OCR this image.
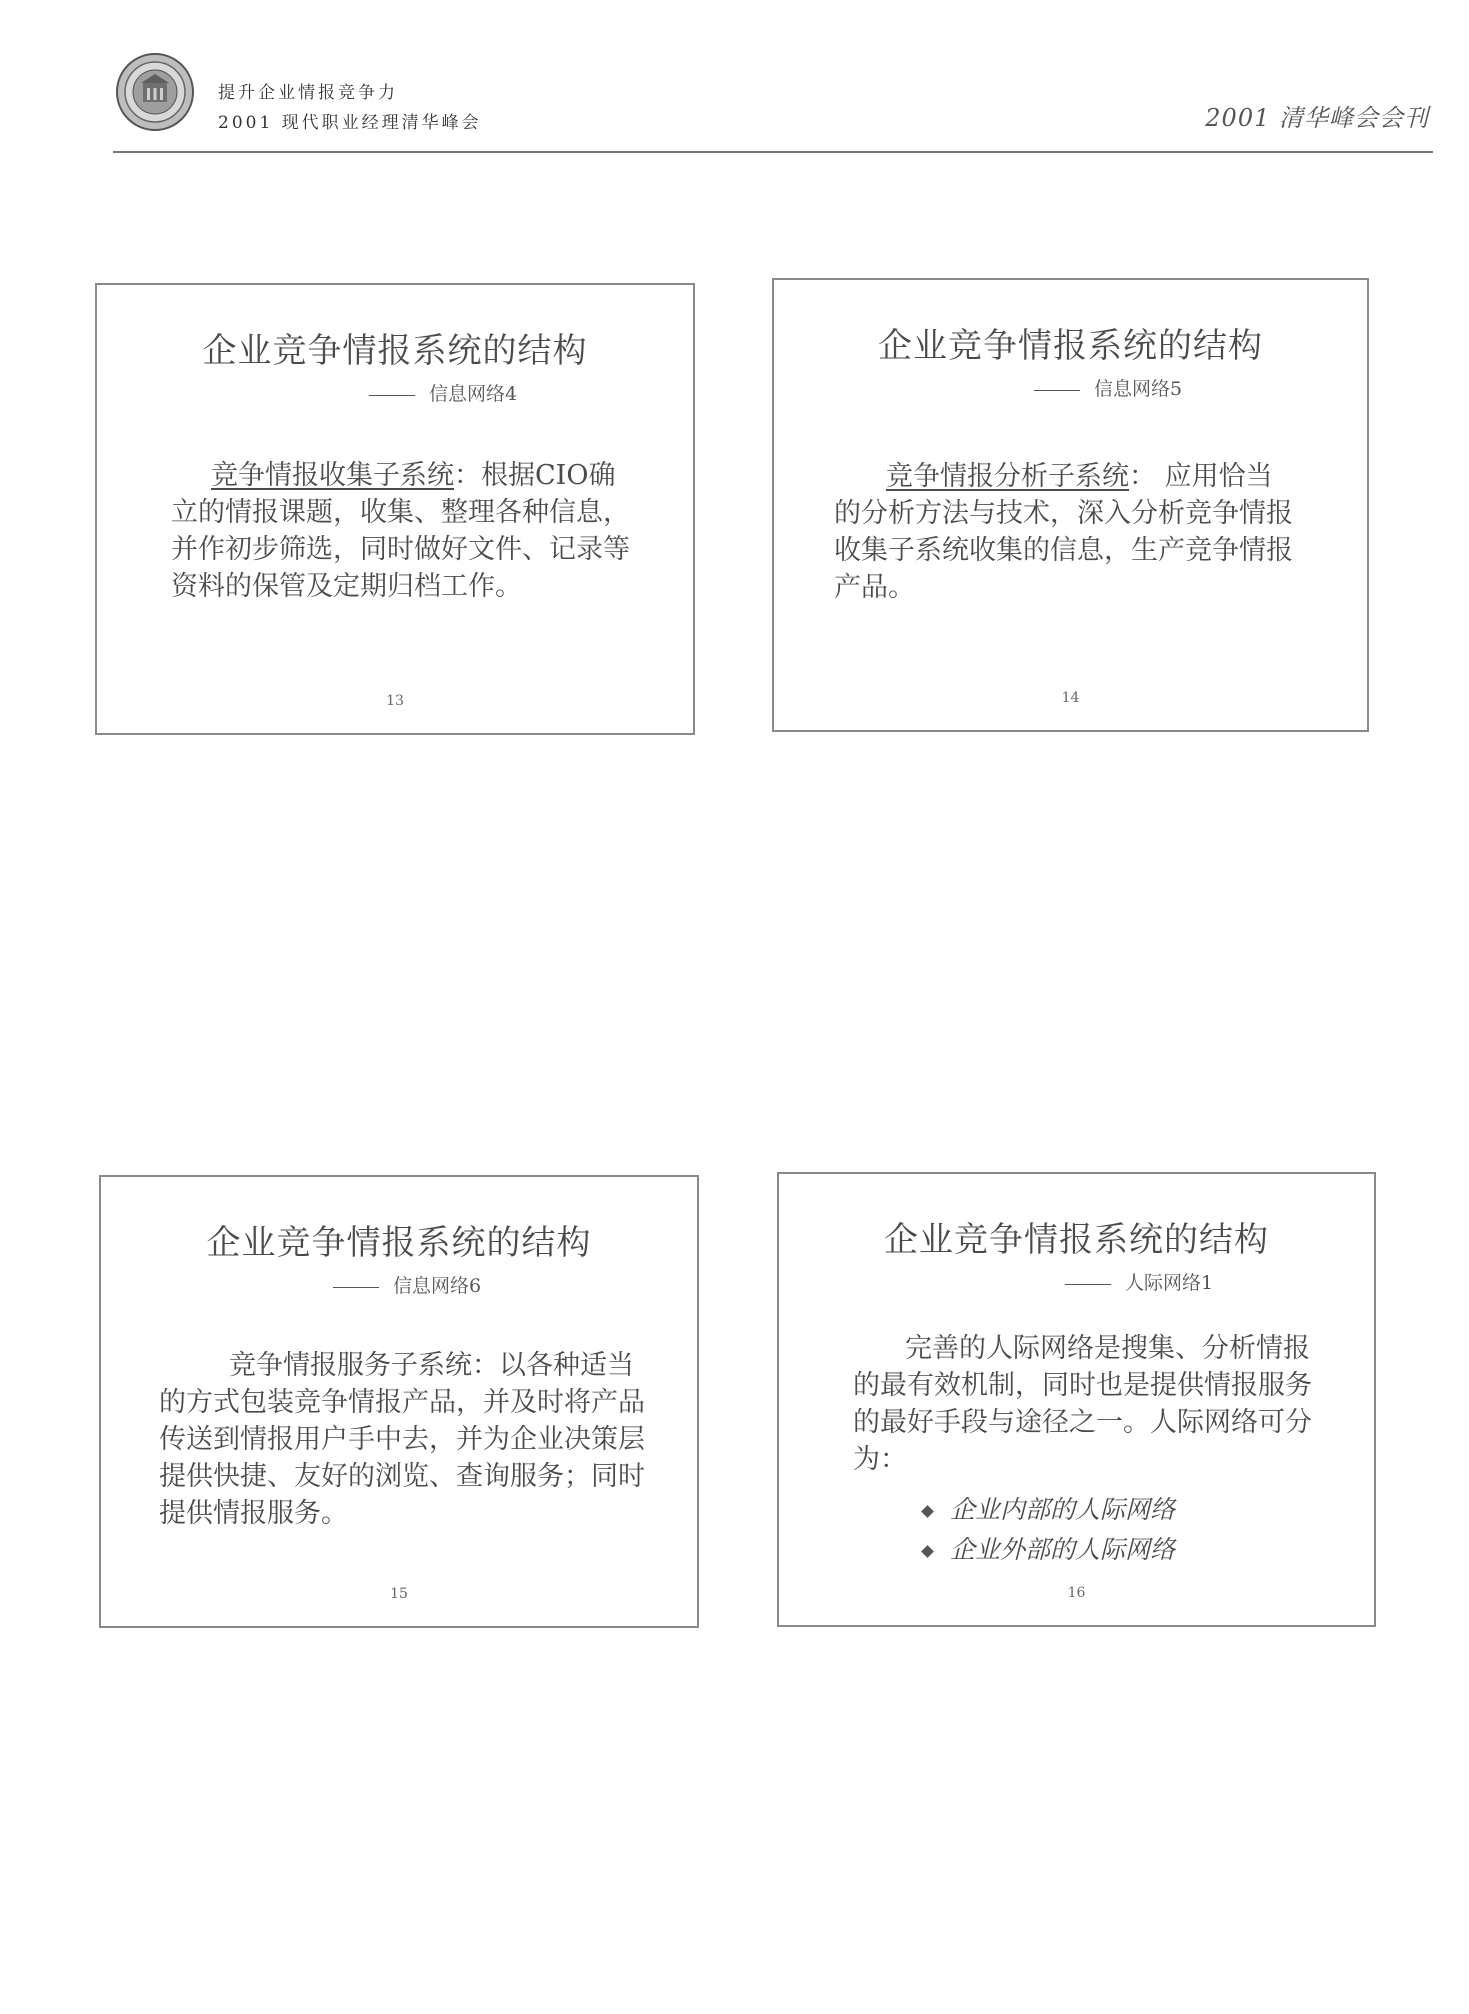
提升企业情报竞争力
2001 现代职业经理清华峰会	2001 清华峰会会刊
企业竞争情报系统的结构
信息网络4
竞争情报收集子系统：根据CIO确立的情报课题，收集、整理各种信息，并作初步筛选，同时做好文件、记录等资料的保管及定期归档工作。
13
企业竞争情报系统的结构
信息网络5
竞争情报分析子系统： 应用恰当的分析方法与技术，深入分析竞争情报收集子系统收集的信息，生产竞争情报产品。
14
企业竞争情报系统的结构
信息网络6
竞争情报服务子系统：以各种适当的方式包装竞争情报产品，并及时将产品传送到情报用户手中去，并为企业决策层提供快捷、友好的浏览、查询服务；同时提供情报服务。
15
企业竞争情报系统的结构
人际网络1
完善的人际网络是搜集、分析情报的最有效机制，同时也是提供情报服务的最好手段与途径之一。人际网络可分为：
企业内部的人际网络
企业外部的人际网络
16
